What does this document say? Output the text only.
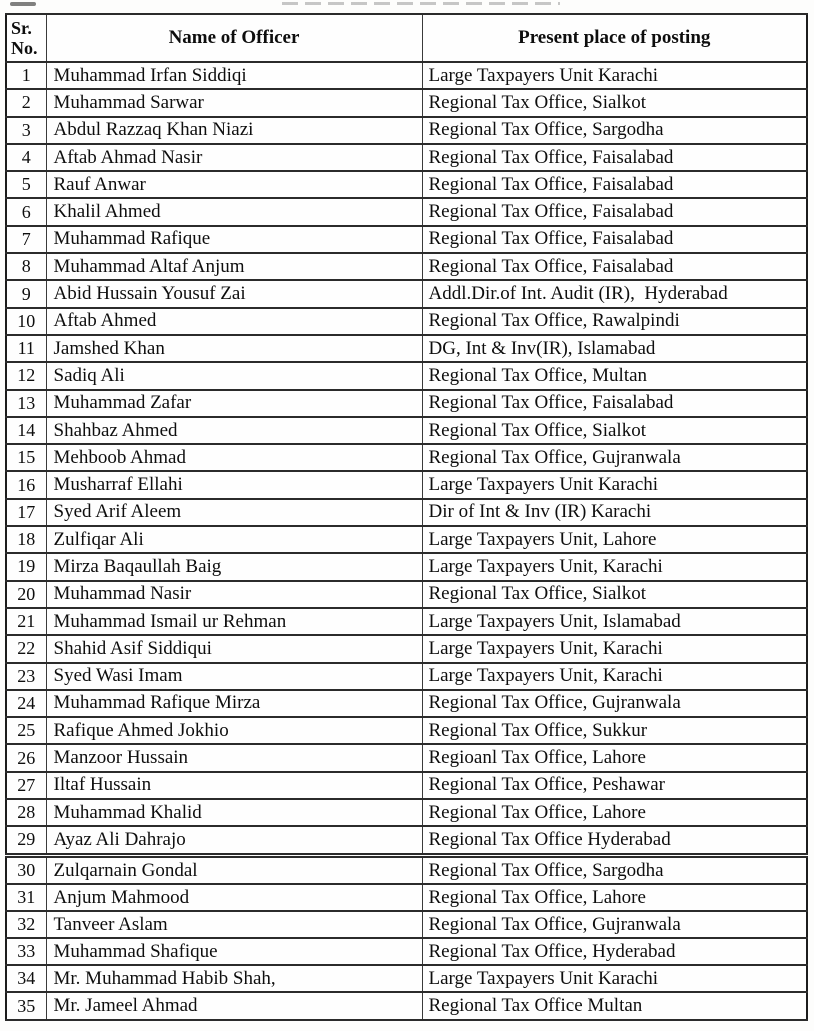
Sr.
No.	Name of Officer	Present place of posting
1	Muhammad Irfan Siddiqi	Large Taxpayers Unit Karachi
2	Muhammad Sarwar	Regional Tax Office, Sialkot
3	Abdul Razzaq Khan Niazi	Regional Tax Office, Sargodha
4	Aftab Ahmad Nasir	Regional Tax Office, Faisalabad
5	Rauf Anwar	Regional Tax Office, Faisalabad
6	Khalil Ahmed	Regional Tax Office, Faisalabad
7	Muhammad Rafique	Regional Tax Office, Faisalabad
8	Muhammad Altaf Anjum	Regional Tax Office, Faisalabad
9	Abid Hussain Yousuf Zai	Addl.Dir.of Int. Audit (IR),  Hyderabad
10	Aftab Ahmed	Regional Tax Office, Rawalpindi
11	Jamshed Khan	DG, Int & Inv(IR), Islamabad
12	Sadiq Ali	Regional Tax Office, Multan
13	Muhammad Zafar	Regional Tax Office, Faisalabad
14	Shahbaz Ahmed	Regional Tax Office, Sialkot
15	Mehboob Ahmad	Regional Tax Office, Gujranwala
16	Musharraf Ellahi	Large Taxpayers Unit Karachi
17	Syed Arif Aleem	Dir of Int & Inv (IR) Karachi
18	Zulfiqar Ali	Large Taxpayers Unit, Lahore
19	Mirza Baqaullah Baig	Large Taxpayers Unit, Karachi
20	Muhammad Nasir	Regional Tax Office, Sialkot
21	Muhammad Ismail ur Rehman	Large Taxpayers Unit, Islamabad
22	Shahid Asif Siddiqui	Large Taxpayers Unit, Karachi
23	Syed Wasi Imam	Large Taxpayers Unit, Karachi
24	Muhammad Rafique Mirza	Regional Tax Office, Gujranwala
25	Rafique Ahmed Jokhio	Regional Tax Office, Sukkur
26	Manzoor Hussain	Regioanl Tax Office, Lahore
27	Iltaf Hussain	Regional Tax Office, Peshawar
28	Muhammad Khalid	Regional Tax Office, Lahore
29	Ayaz Ali Dahrajo	Regional Tax Office Hyderabad
30	Zulqarnain Gondal	Regional Tax Office, Sargodha
31	Anjum Mahmood	Regional Tax Office, Lahore
32	Tanveer Aslam	Regional Tax Office, Gujranwala
33	Muhammad Shafique	Regional Tax Office, Hyderabad
34	Mr. Muhammad Habib Shah,	Large Taxpayers Unit Karachi
35	Mr. Jameel Ahmad	Regional Tax Office Multan
